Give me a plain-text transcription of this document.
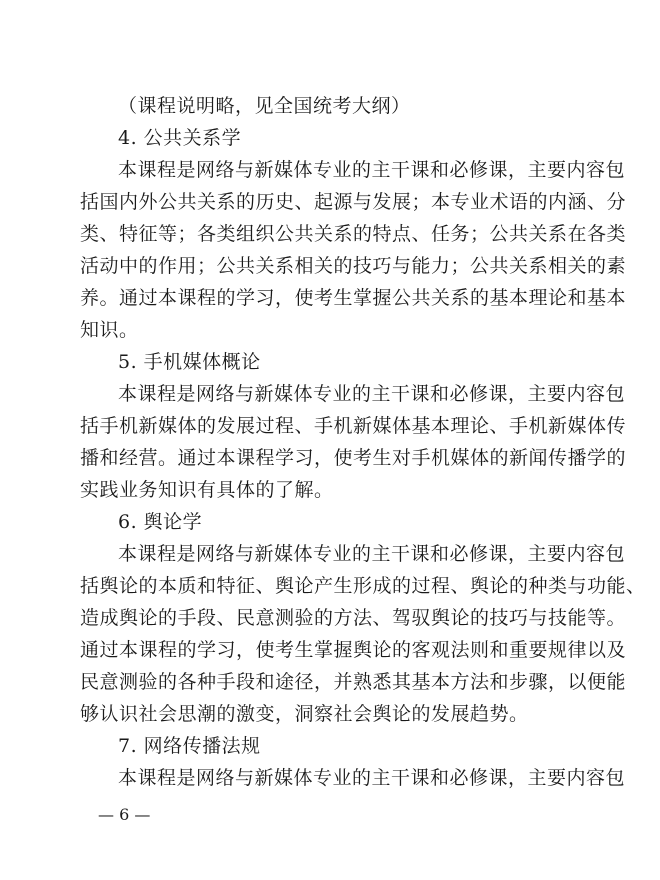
（课程说明略，见全国统考大纲）
4. 公共关系学
本课程是网络与新媒体专业的主干课和必修课，主要内容包
括国内外公共关系的历史、起源与发展；本专业术语的内涵、分
类、特征等；各类组织公共关系的特点、任务；公共关系在各类
活动中的作用；公共关系相关的技巧与能力；公共关系相关的素
养。通过本课程的学习，使考生掌握公共关系的基本理论和基本
知识。
5. 手机媒体概论
本课程是网络与新媒体专业的主干课和必修课，主要内容包
括手机新媒体的发展过程、手机新媒体基本理论、手机新媒体传
播和经营。通过本课程学习，使考生对手机媒体的新闻传播学的
实践业务知识有具体的了解。
6. 舆论学
本课程是网络与新媒体专业的主干课和必修课，主要内容包
括舆论的本质和特征、舆论产生形成的过程、舆论的种类与功能、
造成舆论的手段、民意测验的方法、驾驭舆论的技巧与技能等。
通过本课程的学习，使考生掌握舆论的客观法则和重要规律以及
民意测验的各种手段和途径，并熟悉其基本方法和步骤，以便能
够认识社会思潮的激变，洞察社会舆论的发展趋势。
7. 网络传播法规
本课程是网络与新媒体专业的主干课和必修课，主要内容包
— 6 —
